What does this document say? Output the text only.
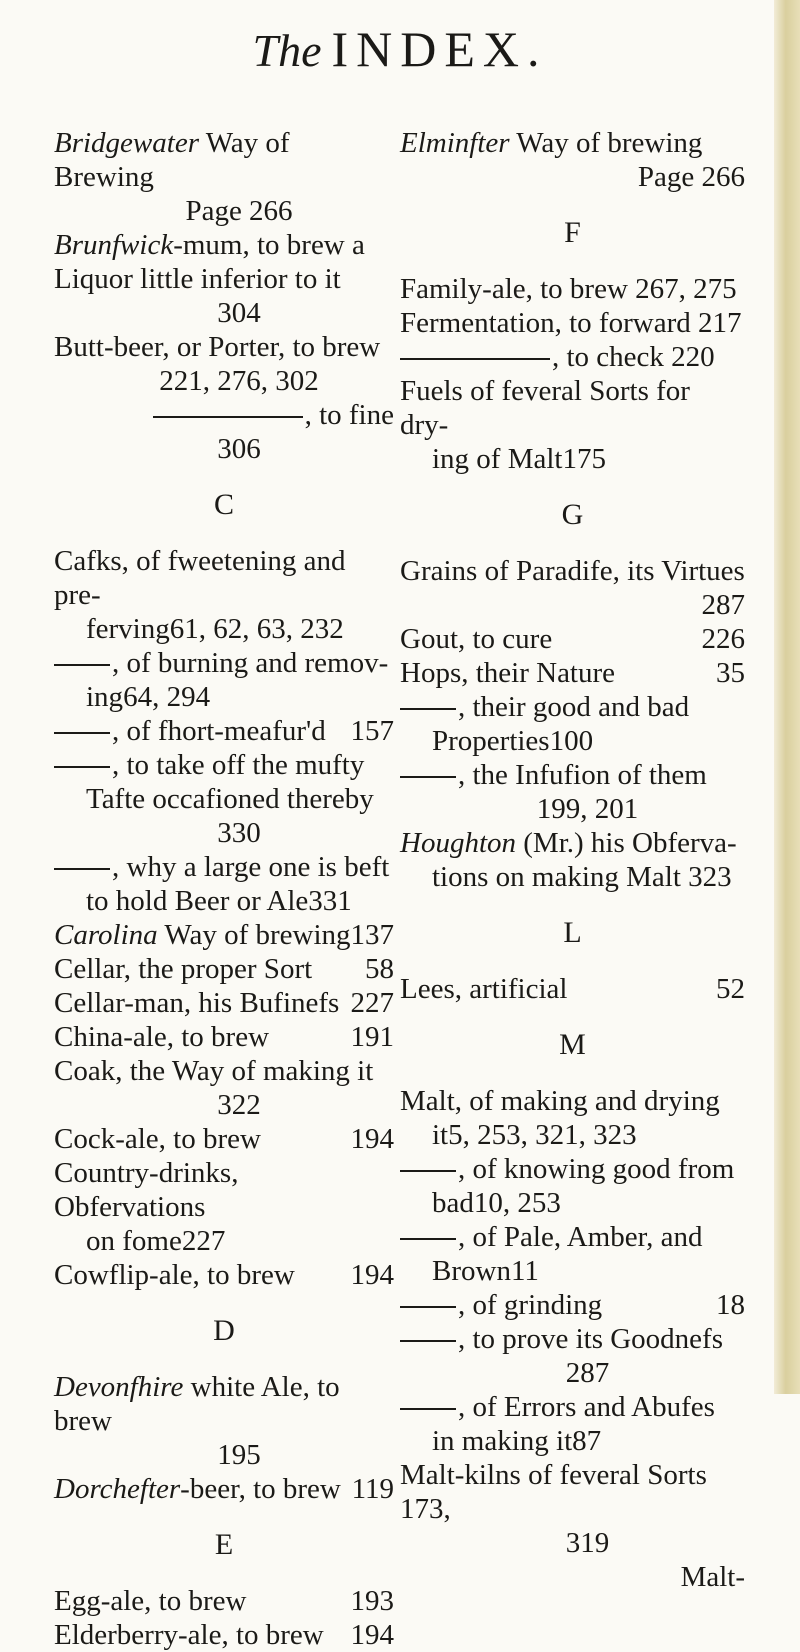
The INDEX.
Bridgewater Way of Brewing
Page 266
Brunfwick-mum, to brew a
Liquor little inferior to it
304
Butt-beer, or Porter, to brew
221, 276, 302
, to fine
306
C
Cafks, of fweetening and pre-
ferving61, 62, 63, 232
, of burning and remov-
ing64, 294
, of fhort-meafur'd 157
, to take off the mufty
Tafte occafioned thereby
330
, why a large one is beft
to hold Beer or Ale331
Carolina Way of brewing 137
Cellar, the proper Sort 58
Cellar-man, his Bufinefs 227
China-ale, to brew	191
Coak, the Way of making it
322
Cock-ale, to brew	194
Country-drinks, Obfervations
on fome227
Cowflip-ale, to brew 194
D
Devonfhire white Ale, to brew
195
Dorchefter-beer, to brew 119
E
Egg-ale, to brew	193
Elderberry-ale, to brew 194
Elminfter Way of brewing
Page 266
F
Family-ale, to brew 267, 275
Fermentation, to forward 217
, to check 220
Fuels of feveral Sorts for dry-
ing of Malt175
G
Grains of Paradife, its Virtues
287
Gout, to cure	226
Hops, their Nature	35
, their good and bad
Properties100
, the Infufion of them
199, 201
Houghton (Mr.) his Obferva-
tions on making Malt 323
L
Lees, artificial	52
M
Malt, of making and drying
it5, 253, 321, 323
, of knowing good from
bad10, 253
, of Pale, Amber, and
Brown11
, of grinding	18
, to prove its Goodnefs
287
, of Errors and Abufes
in making it87
Malt-kilns of feveral Sorts 173,
319
Malt-
